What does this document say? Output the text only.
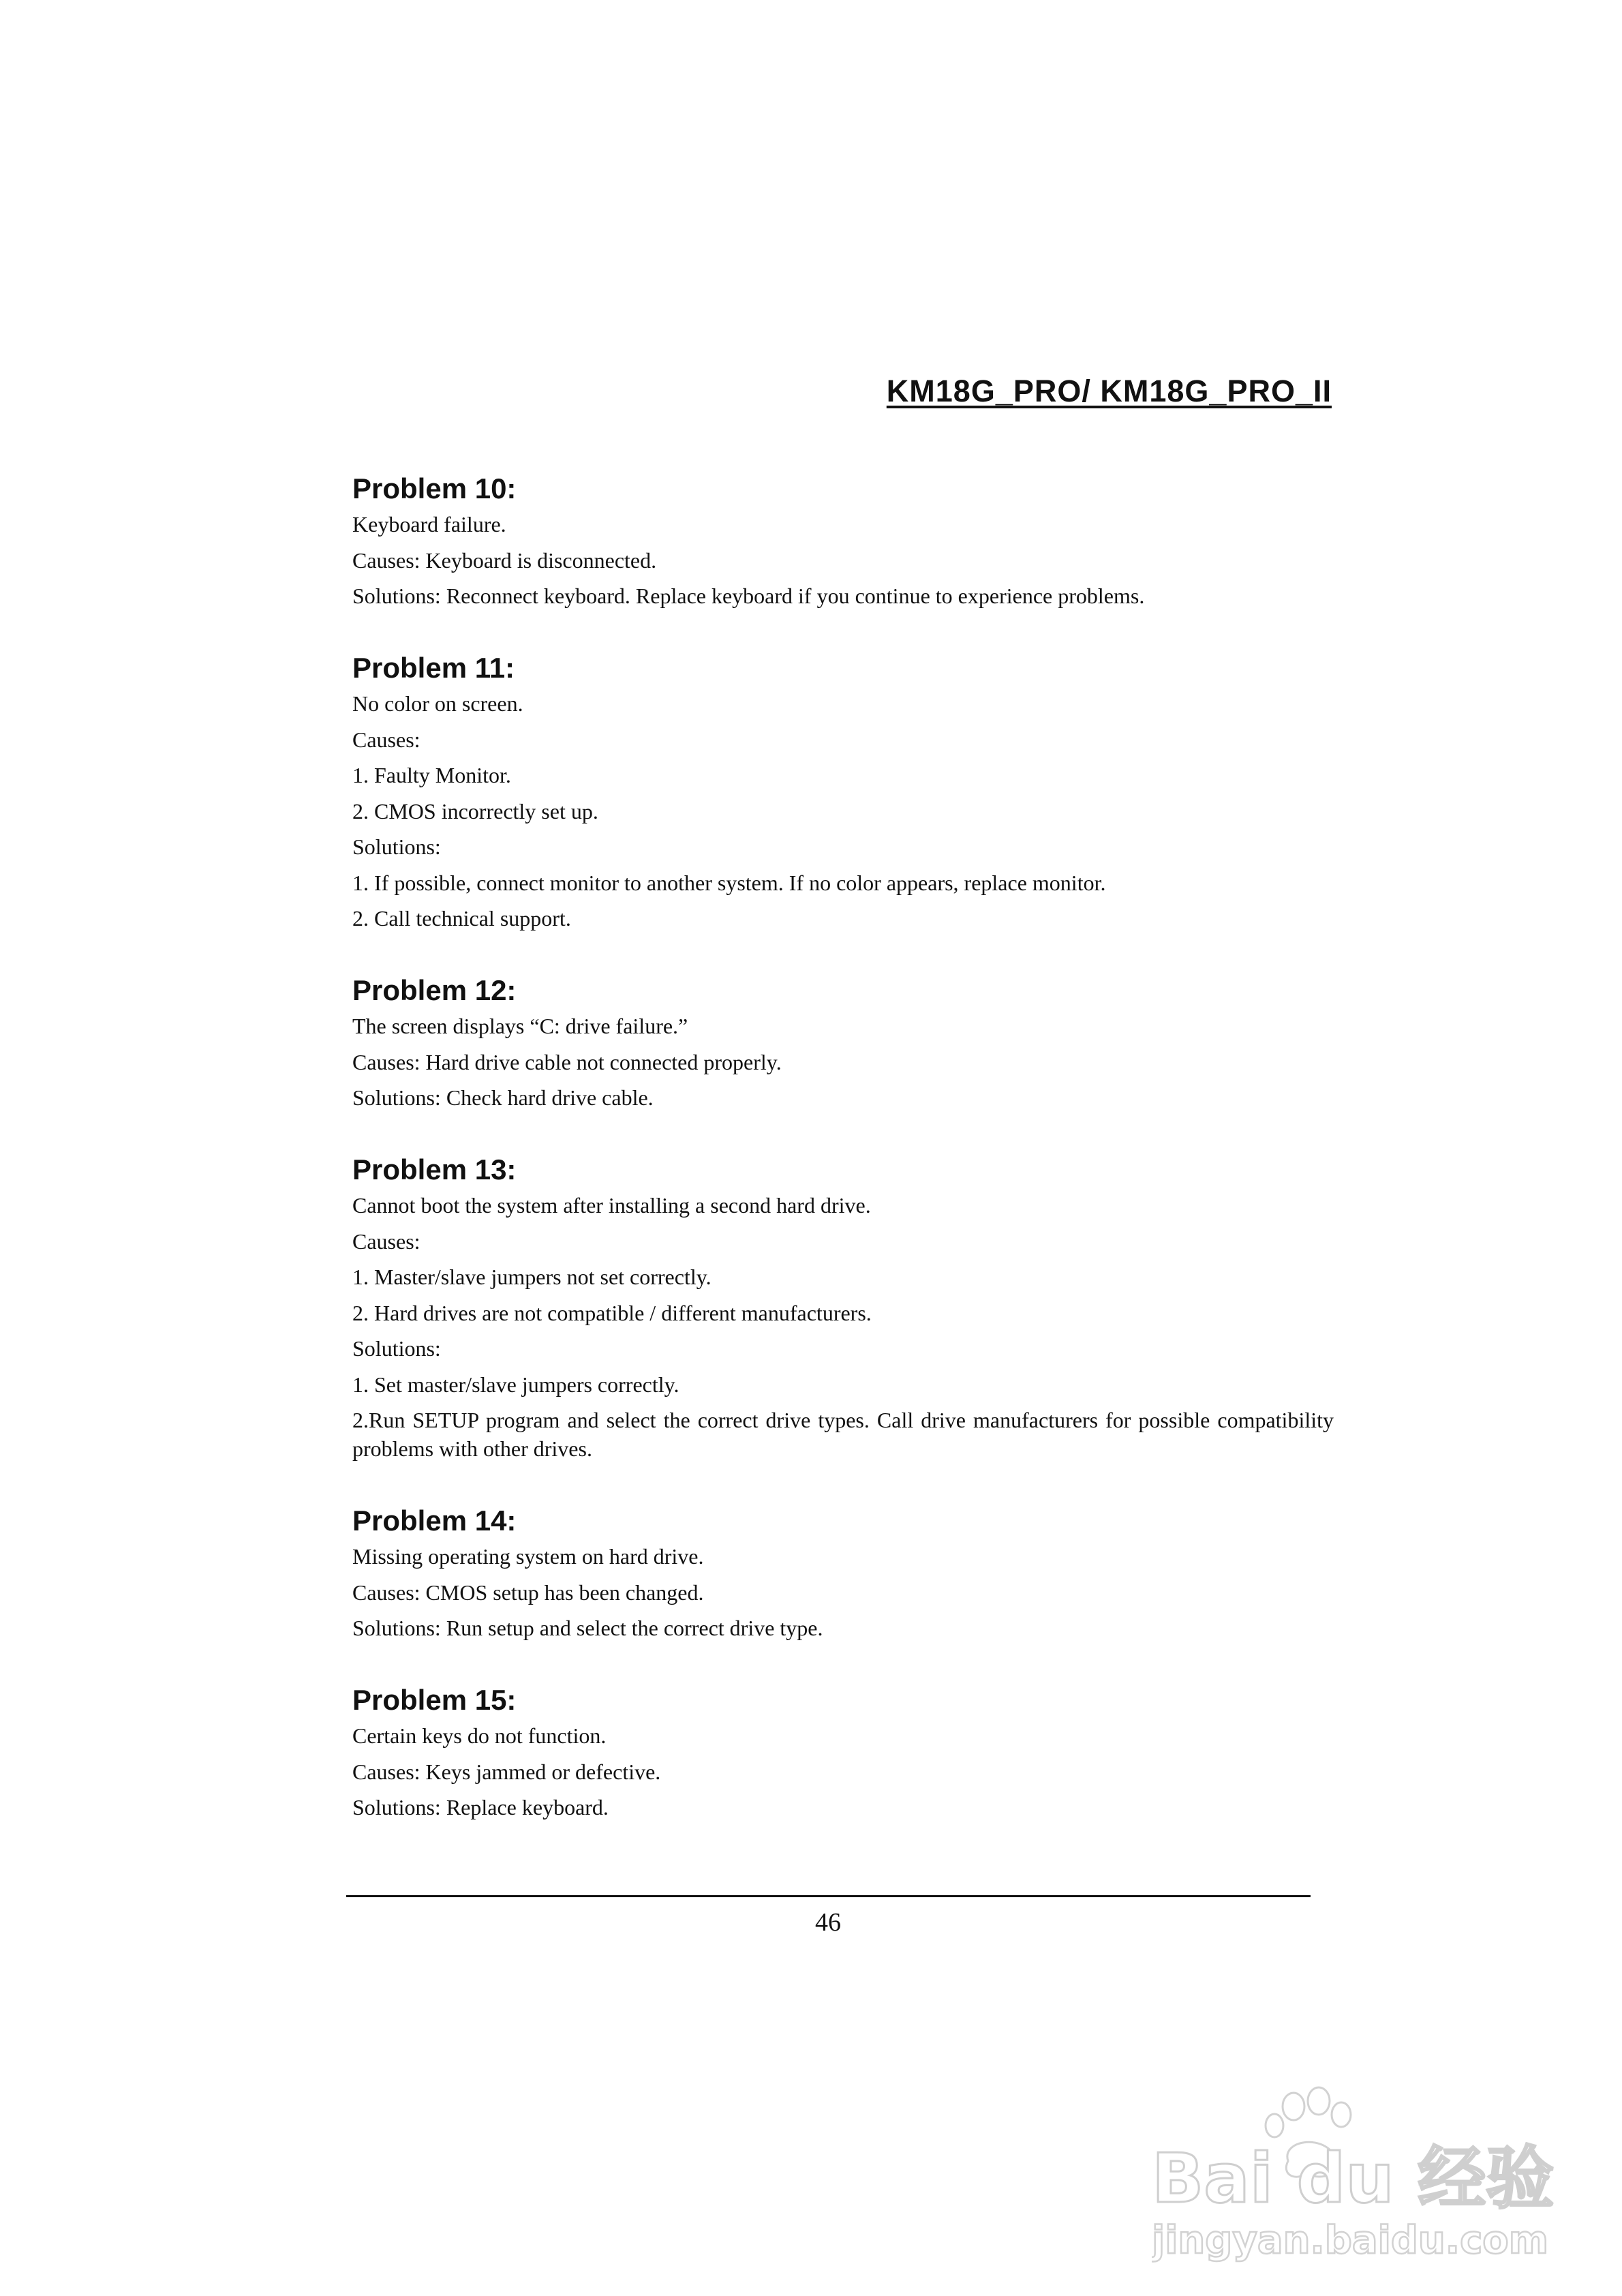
KM18G_PRO/ KM18G_PRO_II
Problem 10:

Keyboard failure.

Causes: Keyboard is disconnected.

Solutions: Reconnect keyboard. Replace keyboard if you continue to experience problems.

Problem 11:

No color on screen.

Causes:

1. Faulty Monitor.

2. CMOS incorrectly set up.

Solutions:

1. If possible, connect monitor to another system. If no color appears, replace monitor.

2. Call technical support.

Problem 12:

The screen displays “C: drive failure.”

Causes: Hard drive cable not connected properly.

Solutions: Check hard drive cable.

Problem 13:

Cannot boot the system after installing a second hard drive.

Causes:

1. Master/slave jumpers not set correctly.

2. Hard drives are not compatible / different manufacturers.

Solutions:

1. Set master/slave jumpers correctly.

2.Run SETUP program and select the correct drive types. Call drive manufacturers for possible compatibility problems with other drives.

Problem 14:

Missing operating system on hard drive.

Causes: CMOS setup has been changed.

Solutions: Run setup and select the correct drive type.

Problem 15:

Certain keys do not function.

Causes: Keys jammed or defective.

Solutions: Replace keyboard.

46
Bai du 经验
jingyan.baidu.com
